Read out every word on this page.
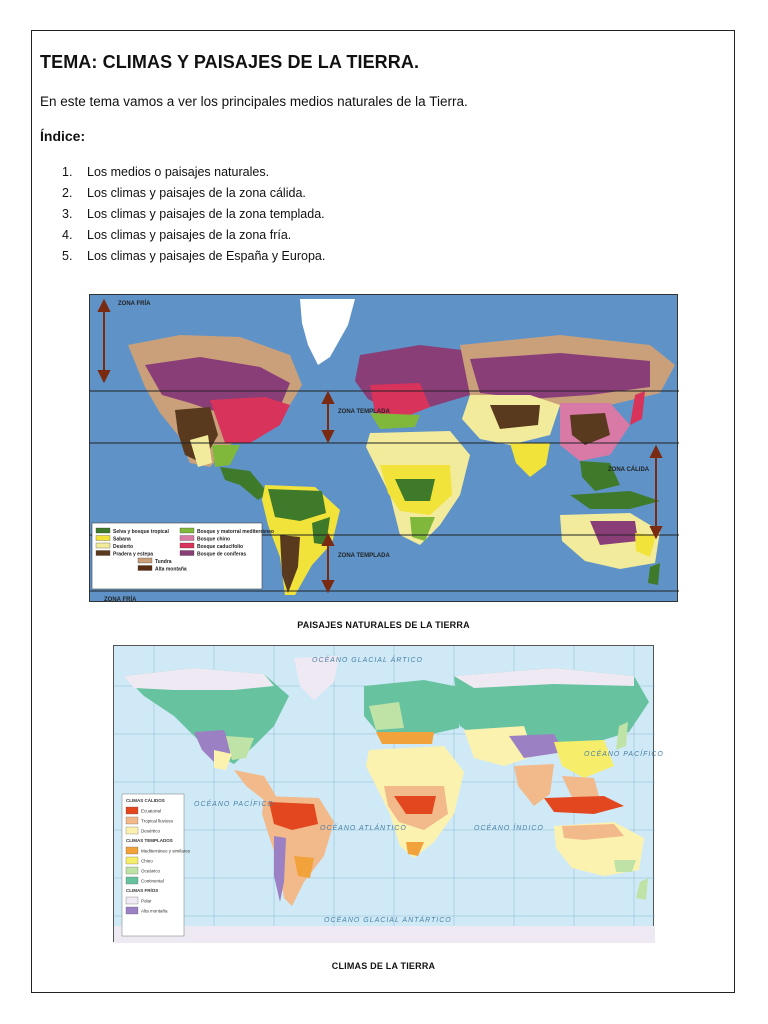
TEMA: CLIMAS Y PAISAJES DE LA TIERRA.
En este tema vamos a ver los principales medios naturales de la Tierra.
Índice:
1.	Los medios o paisajes naturales.
2.	Los climas y paisajes de la zona cálida.
3.	Los climas y paisajes de la zona templada.
4.	Los climas y paisajes de la zona fría.
5.	Los climas y paisajes de España y Europa.
ZONA FRÍA
ZONA TEMPLADA
ZONA CÁLIDA
ZONA TEMPLADA
ZONA FRÍA
Selva y bosque tropical
Sabana
Desierto
Pradera y estepa
Bosque y matorral mediterráneo
Bosque chino
Bosque caducifolio
Bosque de coníferas
Tundra
Alta montaña
PAISAJES NATURALES DE LA TIERRA
OCÉANO GLACIAL ÁRTICO
OCÉANO PACÍFICO
OCÉANO ATLÁNTICO	OCÉANO ÍNDICO
OCÉANO PACÍFICO
OCÉANO GLACIAL ANTÁRTICO
CLIMAS CÁLIDOS
Ecuatorial
Tropical lluvioso
Desértico
CLIMAS TEMPLADOS
Mediterráneo y similares
Chino
Oceánico
Continental
CLIMAS FRÍOS
Polar
Alta montaña
CLIMAS DE LA TIERRA
